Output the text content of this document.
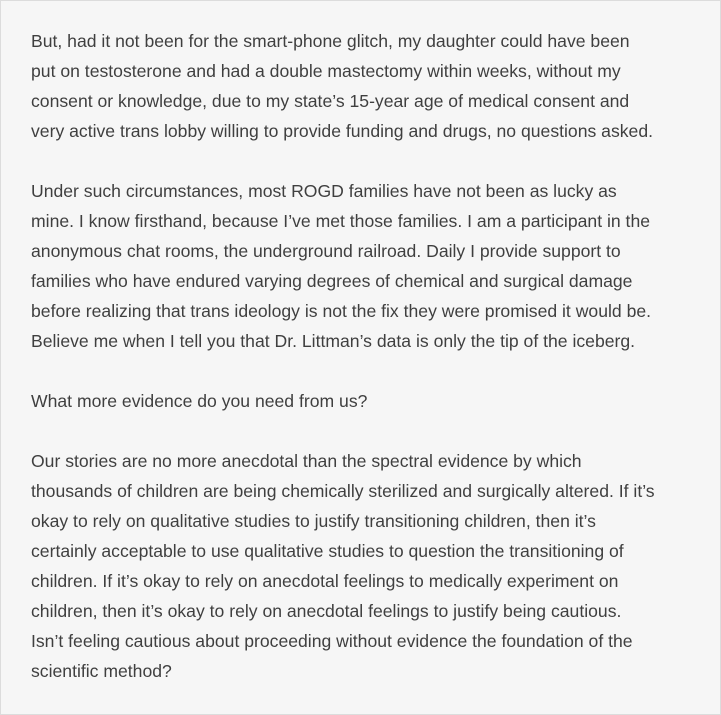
But, had it not been for the smart-phone glitch, my daughter could have been
put on testosterone and had a double mastectomy within weeks, without my
consent or knowledge, due to my state’s 15-year age of medical consent and
very active trans lobby willing to provide funding and drugs, no questions asked.

Under such circumstances, most ROGD families have not been as lucky as
mine. I know firsthand, because I’ve met those families. I am a participant in the
anonymous chat rooms, the underground railroad. Daily I provide support to
families who have endured varying degrees of chemical and surgical damage
before realizing that trans ideology is not the fix they were promised it would be.
Believe me when I tell you that Dr. Littman’s data is only the tip of the iceberg.

What more evidence do you need from us?

Our stories are no more anecdotal than the spectral evidence by which
thousands of children are being chemically sterilized and surgically altered. If it’s
okay to rely on qualitative studies to justify transitioning children, then it’s
certainly acceptable to use qualitative studies to question the transitioning of
children. If it’s okay to rely on anecdotal feelings to medically experiment on
children, then it’s okay to rely on anecdotal feelings to justify being cautious.
Isn’t feeling cautious about proceeding without evidence the foundation of the
scientific method?
